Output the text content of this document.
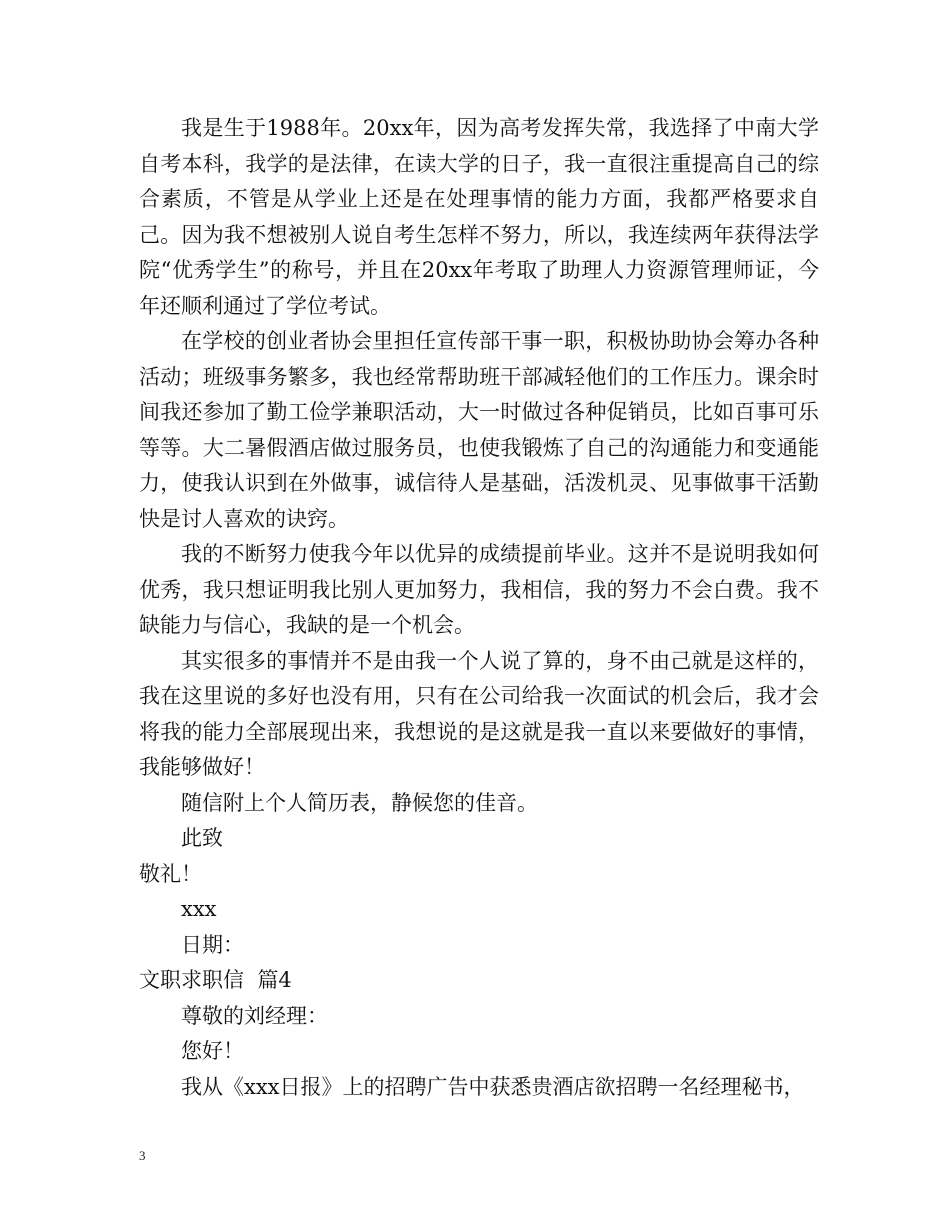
我是生于1988年。20xx年，因为高考发挥失常，我选择了中南大学自考本科，我学的是法律，在读大学的日子，我一直很注重提高自己的综合素质，不管是从学业上还是在处理事情的能力方面，我都严格要求自己。因为我不想被别人说自考生怎样不努力，所以，我连续两年获得法学院“优秀学生”的称号，并且在20xx年考取了助理人力资源管理师证，今年还顺利通过了学位考试。

在学校的创业者协会里担任宣传部干事一职，积极协助协会筹办各种活动；班级事务繁多，我也经常帮助班干部减轻他们的工作压力。课余时间我还参加了勤工俭学兼职活动，大一时做过各种促销员，比如百事可乐等等。大二暑假酒店做过服务员，也使我锻炼了自己的沟通能力和变通能力，使我认识到在外做事，诚信待人是基础，活泼机灵、见事做事干活勤快是讨人喜欢的诀窍。

我的不断努力使我今年以优异的成绩提前毕业。这并不是说明我如何优秀，我只想证明我比别人更加努力，我相信，我的努力不会白费。我不缺能力与信心，我缺的是一个机会。

其实很多的事情并不是由我一个人说了算的，身不由己就是这样的，我在这里说的多好也没有用，只有在公司给我一次面试的机会后，我才会将我的能力全部展现出来，我想说的是这就是我一直以来要做好的事情，我能够做好！

随信附上个人简历表，静候您的佳音。

此致

敬礼！

xxx

日期：

文职求职信  篇4

尊敬的刘经理：

您好！

我从《xxx日报》上的招聘广告中获悉贵酒店欲招聘一名经理秘书，

3
